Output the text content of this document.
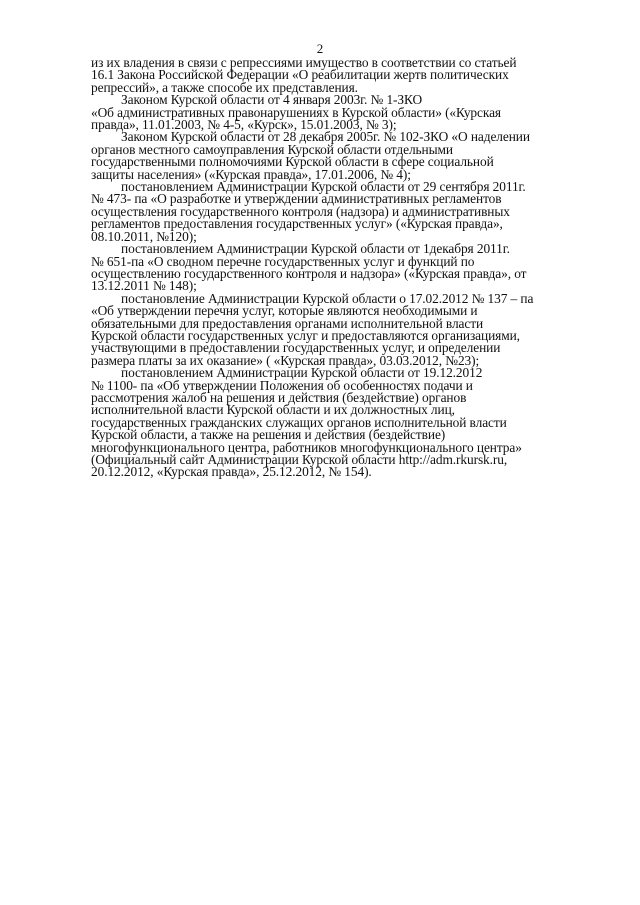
2

из их владения в связи с репрессиями имущество в соответствии со статьей
16.1 Закона Российской Федерации «О реабилитации жертв политических
репрессий», а также способе их представления.

Законом Курской области от 4 января 2003г. № 1-ЗКО
«Об административных правонарушениях в Курской области» («Курская
правда», 11.01.2003, № 4-5, «Курск», 15.01.2003, № 3);

Законом Курской области от 28 декабря 2005г. № 102-ЗКО «О наделении
органов местного самоуправления Курской области отдельными
государственными полномочиями Курской области в сфере социальной
защиты населения» («Курская правда», 17.01.2006, № 4);

постановлением Администрации Курской области от 29 сентября 2011г.
№ 473- па «О разработке и утверждении административных регламентов
осуществления государственного контроля (надзора) и административных
регламентов предоставления государственных услуг» («Курская правда»,
08.10.2011, №120);

постановлением Администрации Курской области от 1декабря 2011г.
№ 651-па «О сводном перечне государственных услуг и функций по
осуществлению государственного контроля и надзора» («Курская правда», от
13.12.2011 № 148);

постановление Администрации Курской области о 17.02.2012 № 137 – па
«Об утверждении перечня услуг, которые являются необходимыми и
обязательными для предоставления органами исполнительной власти
Курской области государственных услуг и предоставляются организациями,
участвующими в предоставлении государственных услуг, и определении
размера платы за их оказание» ( «Курская правда», 03.03.2012, №23);

постановлением Администрации Курской области от 19.12.2012
№ 1100- па «Об утверждении Положения об особенностях подачи и
рассмотрения жалоб на решения и действия (бездействие) органов
исполнительной власти Курской области и их должностных лиц,
государственных гражданских служащих органов исполнительной власти
Курской области, а также на решения и действия (бездействие)
многофункционального центра, работников многофункционального центра»
(Официальный сайт Администрации Курской области http://adm.rkursk.ru,
20.12.2012, «Курская правда», 25.12.2012, № 154).
